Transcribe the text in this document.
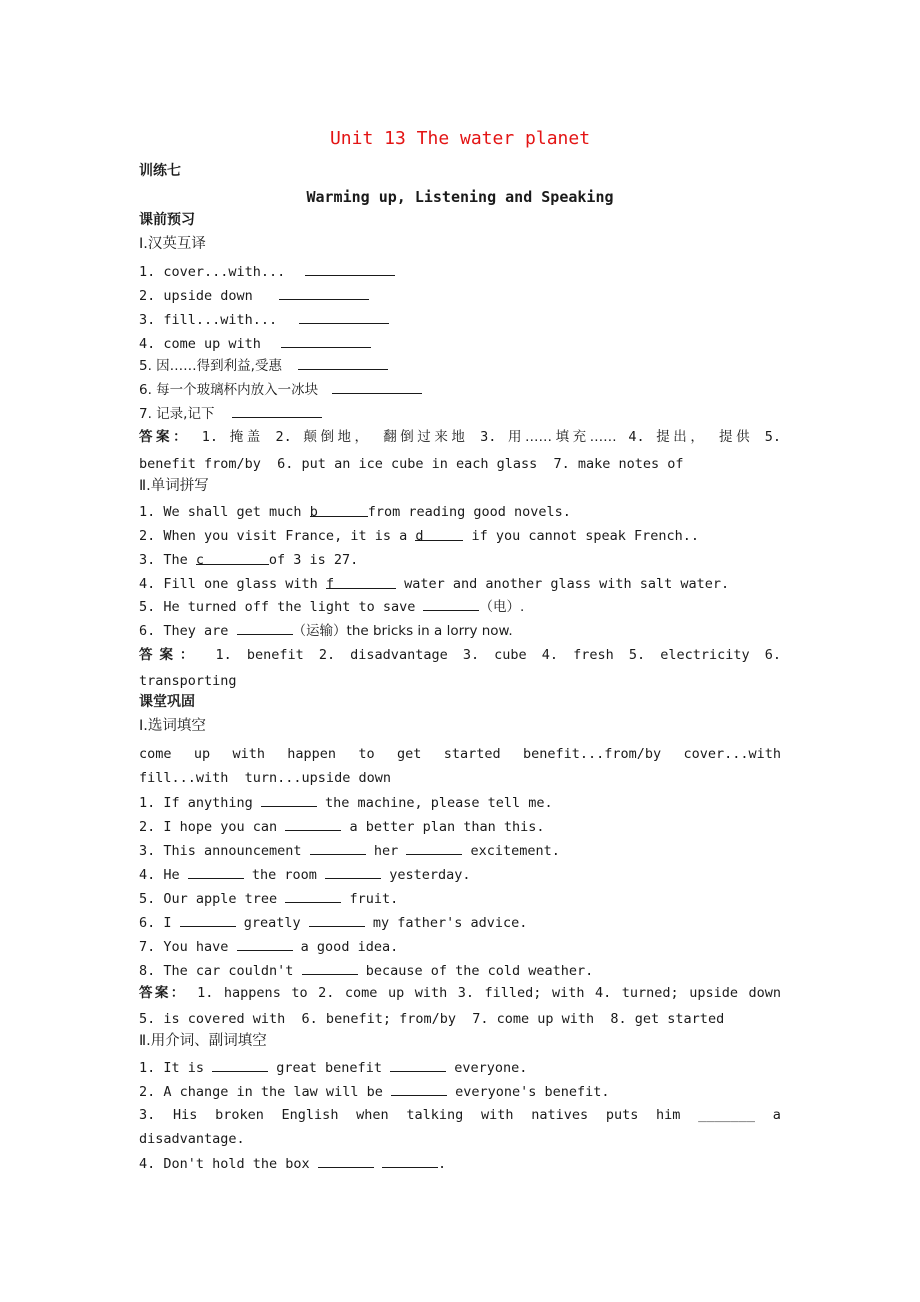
Unit 13 The water planet
训练七
Warming up, Listening and Speaking
课前预习
Ⅰ.汉英互译
1. cover...with...
2. upside down
3. fill...with...
4. come up with
5. 因……得到利益,受惠
6. 每一个玻璃杯内放入一冰块
7. 记录,记下
答案： 1. 掩盖 2. 颠倒地， 翻倒过来地 3. 用……填充…… 4. 提出， 提供 5.
benefit from/by  6. put an ice cube in each glass  7. make notes of
Ⅱ.单词拼写
1. We shall get much b	from reading good novels.
2. When you visit France, it is a d	if you cannot speak French..
3. The c	of 3 is 27.
4. Fill one glass with f	water and another glass with salt water.
5. He turned off the light to save	（电）.
6. They are	（运输）the bricks in a lorry now.
答案： 1. benefit 2. disadvantage 3. cube 4. fresh 5. electricity 6.
transporting
课堂巩固
Ⅰ.选词填空
come up with happen to get started benefit...from/by cover...with
fill...with  turn...upside down
1. If anything	the machine, please tell me.
2. I hope you can	a better plan than this.
3. This announcement	her	excitement.
4. He	the room	yesterday.
5. Our apple tree	fruit.
6. I	greatly	my father's advice.
7. You have	a good idea.
8. The car couldn't	because of the cold weather.
答案： 1. happens to 2. come up with 3. filled; with 4. turned; upside down
5. is covered with  6. benefit; from/by  7. come up with  8. get started
Ⅱ.用介词、副词填空
1. It is	great benefit	everyone.
2. A change in the law will be	everyone's benefit.
3. His broken English when talking with natives puts him _______ a
disadvantage.
4. Don't hold the box	.
